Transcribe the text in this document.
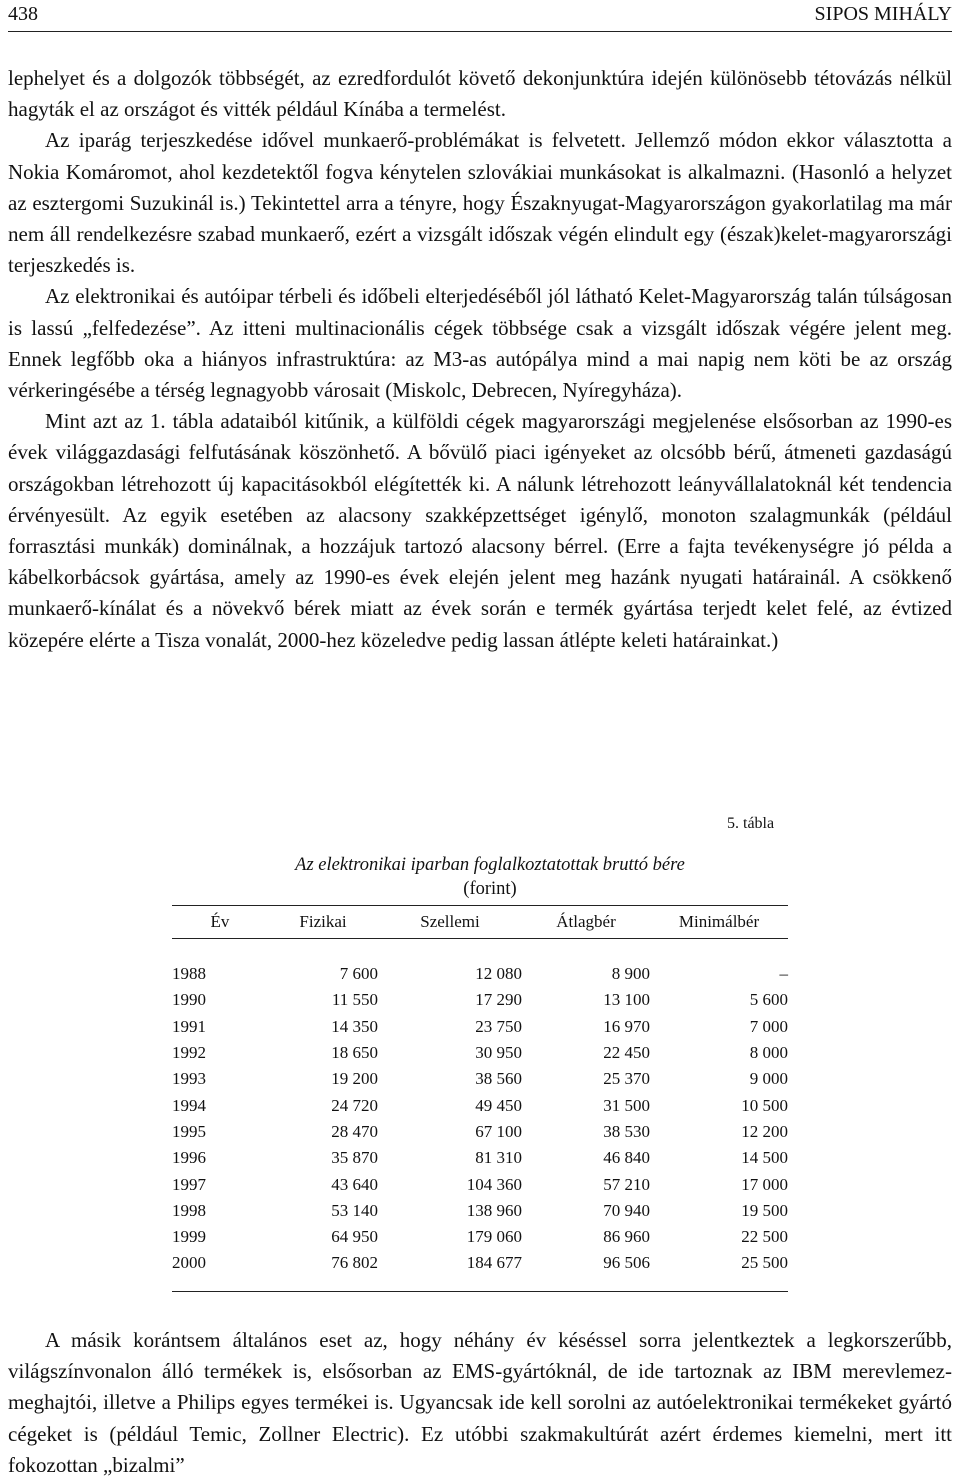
438	SIPOS MIHÁLY

lephelyet és a dolgozók többségét, az ezredfordulót követő dekonjunktúra idején különösebb tétovázás nélkül hagyták el az országot és vitték például Kínába a termelést.

Az iparág terjeszkedése idővel munkaerő-problémákat is felvetett. Jellemző módon ekkor választotta a Nokia Komáromot, ahol kezdetektől fogva kénytelen szlovákiai munkásokat is alkalmazni. (Hasonló a helyzet az esztergomi Suzukinál is.) Tekintettel arra a tényre, hogy Északnyugat-Magyarországon gyakorlatilag ma már nem áll rendelkezésre szabad munkaerő, ezért a vizsgált időszak végén elindult egy (észak)kelet-magyarországi terjeszkedés is.

Az elektronikai és autóipar térbeli és időbeli elterjedéséből jól látható Kelet-Magyarország talán túlságosan is lassú „felfedezése”. Az itteni multinacionális cégek többsége csak a vizsgált időszak végére jelent meg. Ennek legfőbb oka a hiányos infrastruktúra: az M3-as autópálya mind a mai napig nem köti be az ország vérkeringésébe a térség legnagyobb városait (Miskolc, Debrecen, Nyíregyháza).

Mint azt az 1. tábla adataiból kitűnik, a külföldi cégek magyarországi megjelenése elsősorban az 1990-es évek világgazdasági felfutásának köszönhető. A bővülő piaci igényeket az olcsóbb bérű, átmeneti gazdaságú országokban létrehozott új kapacitásokból elégítették ki. A nálunk létrehozott leányvállalatoknál két tendencia érvényesült. Az egyik esetében az alacsony szakképzettséget igénylő, monoton szalagmunkák (például forrasztási munkák) dominálnak, a hozzájuk tartozó alacsony bérrel. (Erre a fajta tevékenységre jó példa a kábelkorbácsok gyártása, amely az 1990-es évek elején jelent meg hazánk nyugati határainál. A csökkenő munkaerő-kínálat és a növekvő bérek miatt az évek során e termék gyártása terjedt kelet felé, az évtized közepére elérte a Tisza vonalát, 2000-hez közeledve pedig lassan átlépte keleti határainkat.)

5. tábla
Az elektronikai iparban foglalkoztatottak bruttó bére
(forint)
Év	Fizikai	Szellemi	Átlagbér	Minimálbér

1988	7 600	12 080	8 900	–
1990	11 550	17 290	13 100	5 600
1991	14 350	23 750	16 970	7 000
1992	18 650	30 950	22 450	8 000
1993	19 200	38 560	25 370	9 000
1994	24 720	49 450	31 500	10 500
1995	28 470	67 100	38 530	12 200
1996	35 870	81 310	46 840	14 500
1997	43 640	104 360	57 210	17 000
1998	53 140	138 960	70 940	19 500
1999	64 950	179 060	86 960	22 500
2000	76 802	184 677	96 506	25 500

A másik korántsem általános eset az, hogy néhány év késéssel sorra jelentkeztek a legkorszerűbb, világszínvonalon álló termékek is, elsősorban az EMS-gyártóknál, de ide tartoznak az IBM merevlemez-meghajtói, illetve a Philips egyes termékei is. Ugyancsak ide kell sorolni az autóelektronikai termékeket gyártó cégeket is (például Temic, Zollner Electric). Ez utóbbi szakmakultúrát azért érdemes kiemelni, mert itt fokozottan „bizalmi”
